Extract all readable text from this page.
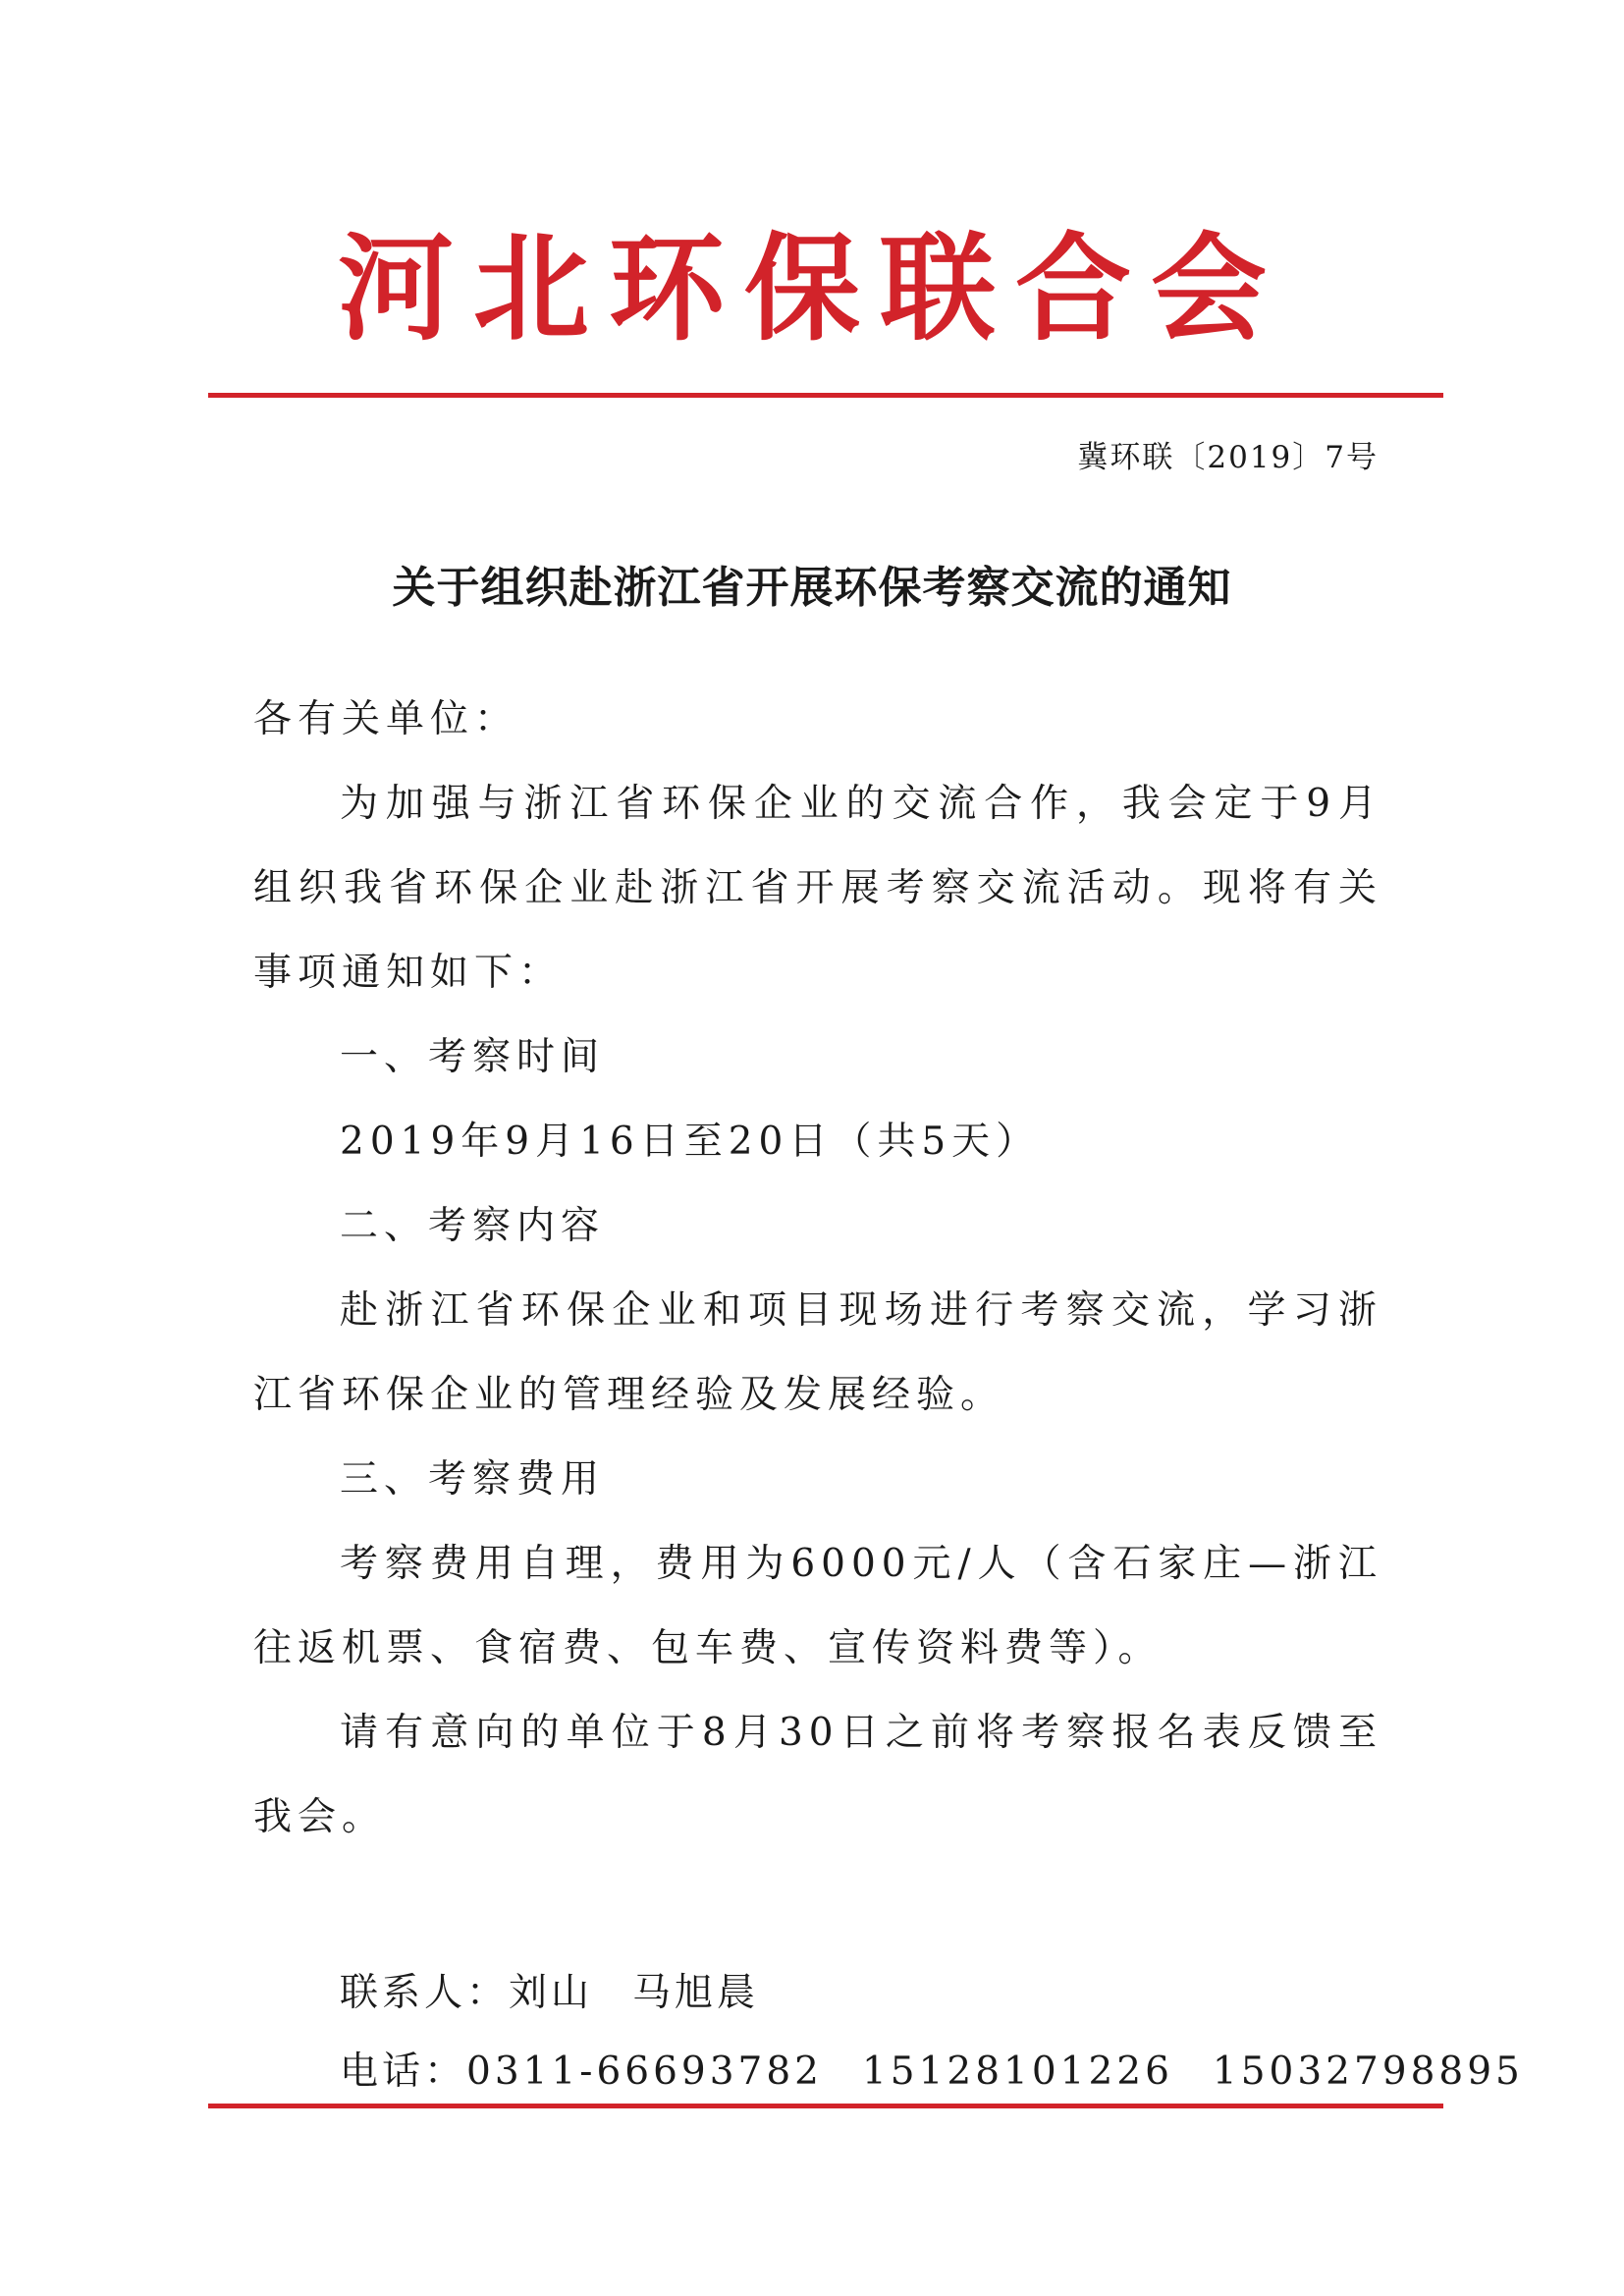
河北环保联合会
冀环联〔2019〕7号
关于组织赴浙江省开展环保考察交流的通知

各有关单位：

为加强与浙江省环保企业的交流合作，我会定于9月组织我省环保企业赴浙江省开展考察交流活动。现将有关事项通知如下：

一、考察时间

2019年9月16日至20日（共5天）

二、考察内容

赴浙江省环保企业和项目现场进行考察交流，学习浙江省环保企业的管理经验及发展经验。

三、考察费用

考察费用自理，费用为6000元/人（含石家庄—浙江往返机票、食宿费、包车费、宣传资料费等）。

请有意向的单位于8月30日之前将考察报名表反馈至我会。

联系人：刘山 马旭晨
电话：0311-66693782 15128101226 15032798895
